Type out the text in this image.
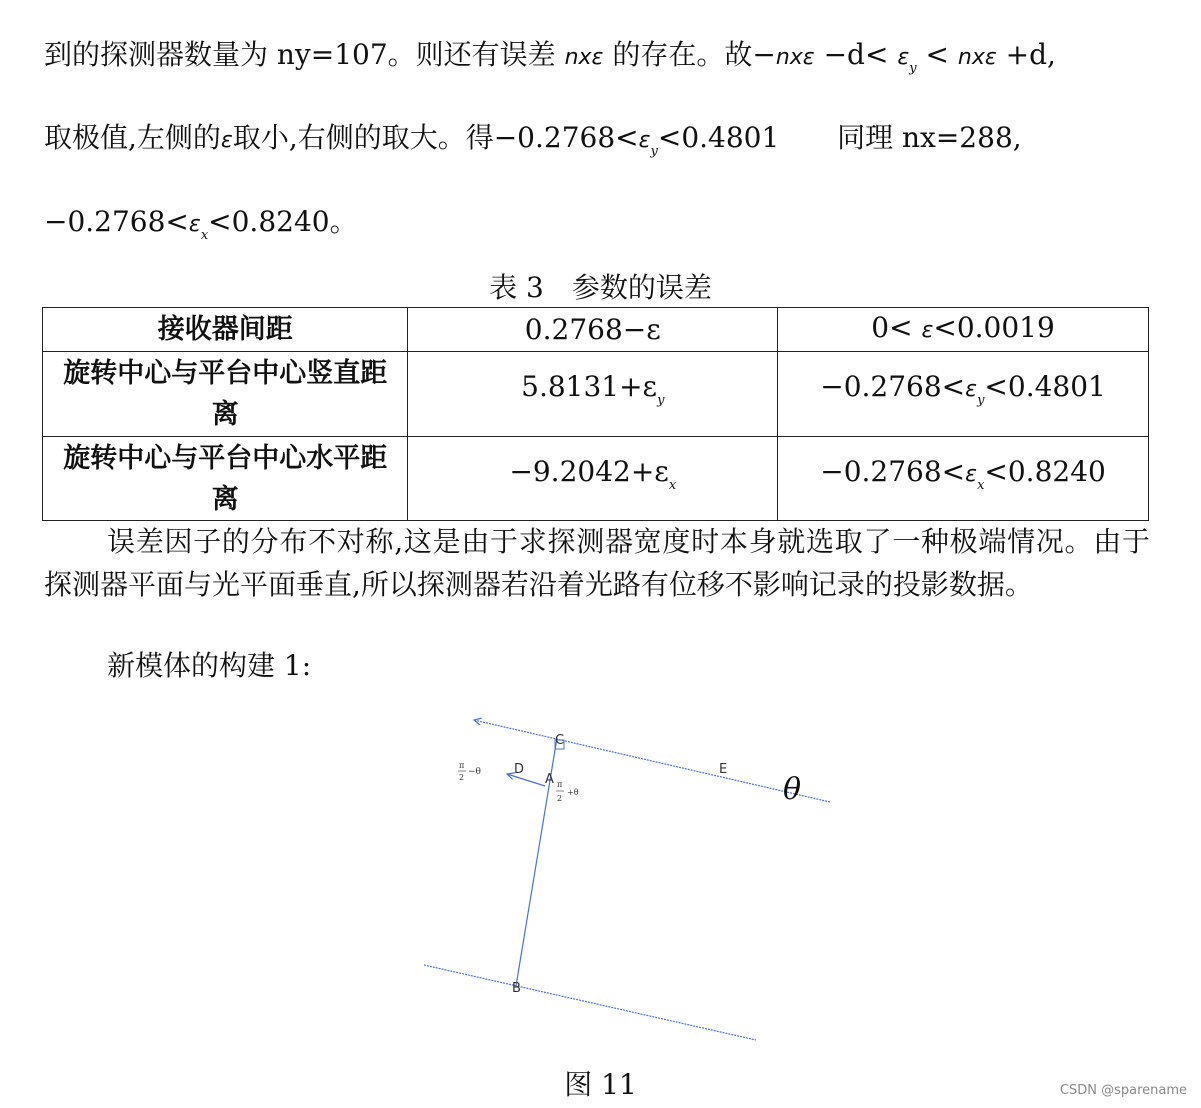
到的探测器数量为 ny=107。则还有误差 nxε 的存在。故$-nx\varepsilon -d< \varepsilon_y < nx\varepsilon +d$,
取极值,左侧的ε取小,右侧的取大。得$-0.2768<\varepsilon_y<0.4801$ 同理 nx=288,
$-0.2768<\varepsilon_x<0.8240$。
表 3　参数的误差
接收器间距	0.2768−ε	0< ε<0.0019
旋转中心与平台中心竖直距离	$5.8131+\varepsilon_y$	$-0.2768<\varepsilon_y<0.4801$
旋转中心与平台中心水平距离	$-9.2042+\varepsilon_x$	$-0.2768<\varepsilon_x<0.8240$
误差因子的分布不对称,这是由于求探测器宽度时本身就选取了一种极端情况。由于探测器平面与光平面垂直,所以探测器若沿着光路有位移不影响记录的投影数据。
新模体的构建 1:
C
D
A
E
B
θ
π
2
−θ
π
2
+θ
图 11	CSDN @sparename
